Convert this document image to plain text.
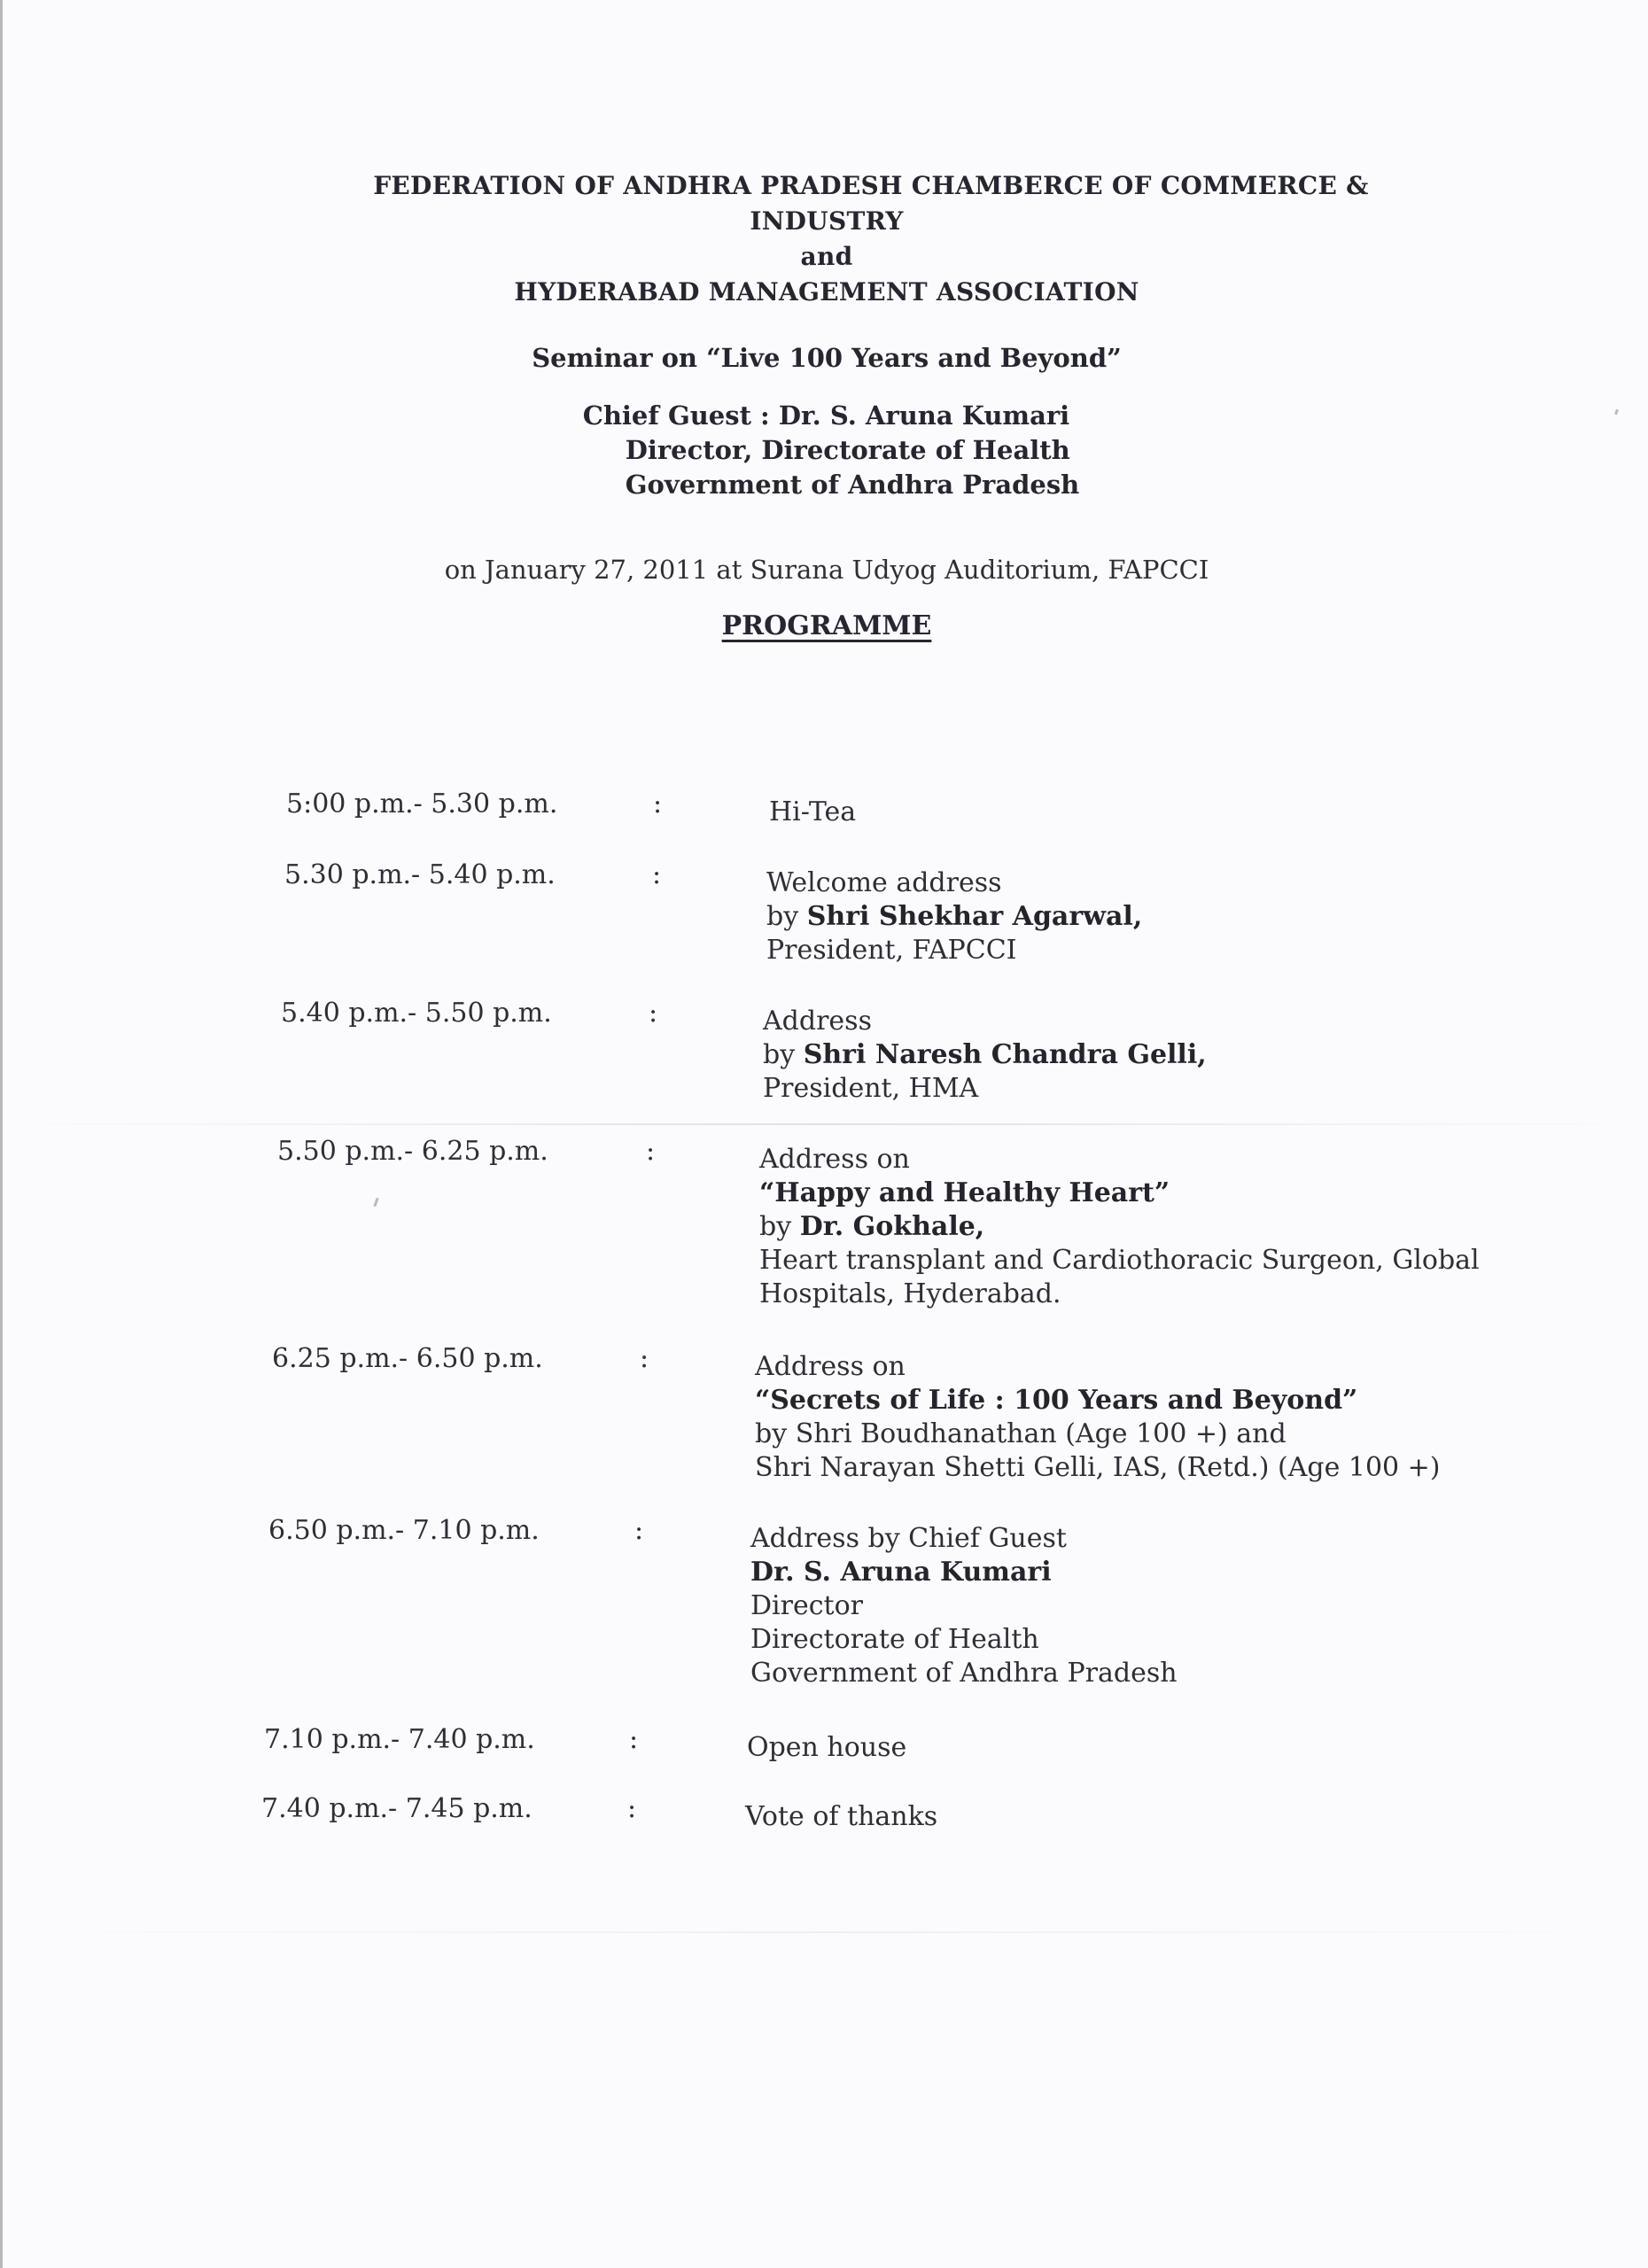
FEDERATION OF ANDHRA PRADESH CHAMBERCE OF COMMERCE &
INDUSTRY
and
HYDERABAD MANAGEMENT ASSOCIATION
Seminar on “Live 100 Years and Beyond”
Chief Guest : Dr. S. Aruna Kumari
Director, Directorate of Health
Government of Andhra Pradesh
on January 27, 2011 at Surana Udyog Auditorium, FAPCCI
PROGRAMME
5:00 p.m.- 5.30 p.m.	:	Hi-Tea
5.30 p.m.- 5.40 p.m.	:	Welcome address
by Shri Shekhar Agarwal,
President, FAPCCI
5.40 p.m.- 5.50 p.m.	:	Address
by Shri Naresh Chandra Gelli,
President, HMA
5.50 p.m.- 6.25 p.m.	:	Address on
“Happy and Healthy Heart”
by Dr. Gokhale,
Heart transplant and Cardiothoracic Surgeon, Global
Hospitals, Hyderabad.
6.25 p.m.- 6.50 p.m.	:	Address on
“Secrets of Life : 100 Years and Beyond”
by Shri Boudhanathan (Age 100 +) and
Shri Narayan Shetti Gelli, IAS, (Retd.) (Age 100 +)
6.50 p.m.- 7.10 p.m.	:	Address by Chief Guest
Dr. S. Aruna Kumari
Director
Directorate of Health
Government of Andhra Pradesh
7.10 p.m.- 7.40 p.m.	:	Open house
7.40 p.m.- 7.45 p.m.	:	Vote of thanks
